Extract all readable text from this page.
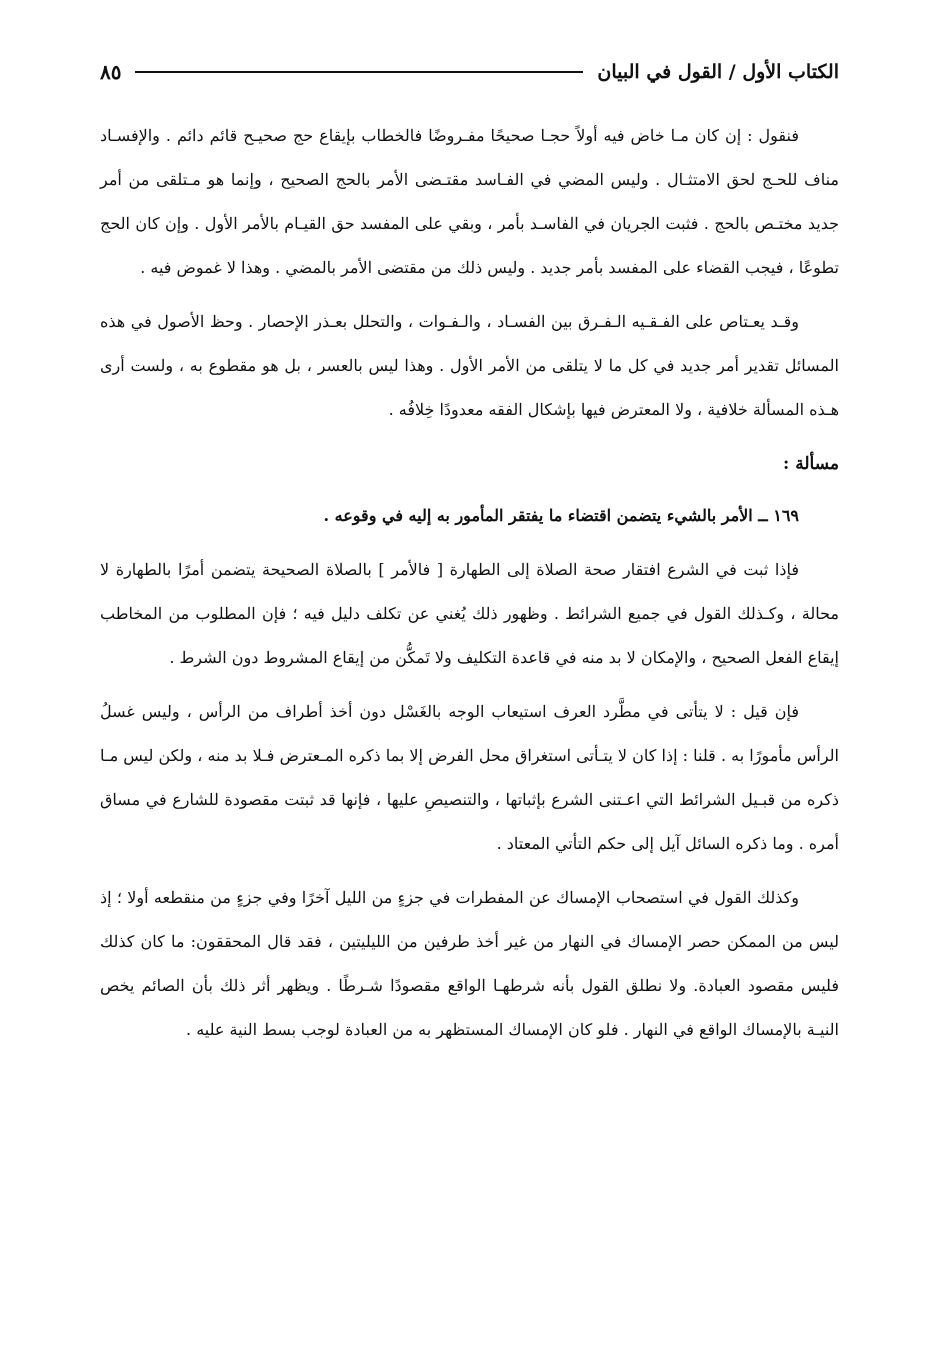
الكتاب الأول / القول في البيان
٨٥

فنقول : إن كان مـا خاض فيه أولاً حجـا صحيحًا مفـروضًا فالخطاب بإيقاع حج صحيـح قائم دائم . والإفسـاد مناف للحـج لحق الامتثـال . وليس المضي في الفـاسد مقتـضى الأمر بالحج الصحيح ، وإنما هو مـتلقى من أمر جديد مختـص بالحج . فثبت الجريان في الفاسـد بأمر ، وبقي على المفسد حق القيـام بالأمر الأول . وإن كان الحج تطوعًا ، فيجب القضاء على المفسد بأمر جديد . وليس ذلك من مقتضى الأمر بالمضي . وهذا لا غموض فيه .

وقـد يعـتاص على الفـقـيه الـفـرق بين الفسـاد ، والـفـوات ، والتحلل بعـذر الإحصار . وحظ الأصول في هذه المسائل تقدير أمر جديد في كل ما لا يتلقى من الأمر الأول . وهذا ليس بالعسر ، بل هو مقطوع به ، ولست أرى هـذه المسألة خلافية ، ولا المعترض فيها بإشكال الفقه معدودًا خِلافُه .

مسألة :

١٦٩ ــ الأمر بالشيء يتضمن اقتضاء ما يفتقر المأمور به إليه في وقوعه .

فإذا ثبت في الشرع افتقار صحة الصلاة إلى الطهارة [ فالأمر ] بالصلاة الصحيحة يتضمن أمرًا بالطهارة لا محالة ، وكـذلك القول في جميع الشرائط . وظهور ذلك يُغني عن تكلف دليل فيه ؛ فإن المطلوب من المخاطب إيقاع الفعل الصحيح ، والإمكان لا بد منه في قاعدة التكليف ولا تَمكُّن من إيقاع المشروط دون الشرط .

فإن قيل : لا يتأتى في مطَّرد العرف استيعاب الوجه بالغَسْل دون أخذ أطراف من الرأس ، وليس غسلُ الرأس مأمورًا به . قلنا : إذا كان لا يتـأتى استغراق محل الفرض إلا بما ذكره المـعترض فـلا بد منه ، ولكن ليس مـا ذكره من قبـيل الشرائط التي اعـتنى الشرع بإثباتها ، والتنصيصِ عليها ، فإنها قد ثبتت مقصودة للشارع في مساق أمره . وما ذكره السائل آيل إلى حكم التأتي المعتاد .

وكذلك القول في استصحاب الإمساك عن المفطرات في جزءٍ من الليل آخرًا وفي جزءٍ من منقطعه أولا ؛ إذ ليس من الممكن حصر الإمساك في النهار من غير أخذ طرفين من الليليتين ، فقد قال المحققون: ما كان كذلك فليس مقصود العبادة. ولا نطلق القول بأنه شرطهـا الواقع مقصودًا شـرطًا . ويظهر أثر ذلك بأن الصائم يخص النيـة بالإمساك الواقع في النهار . فلو كان الإمساك المستظهر به من العبادة لوجب بسط النية عليه .
